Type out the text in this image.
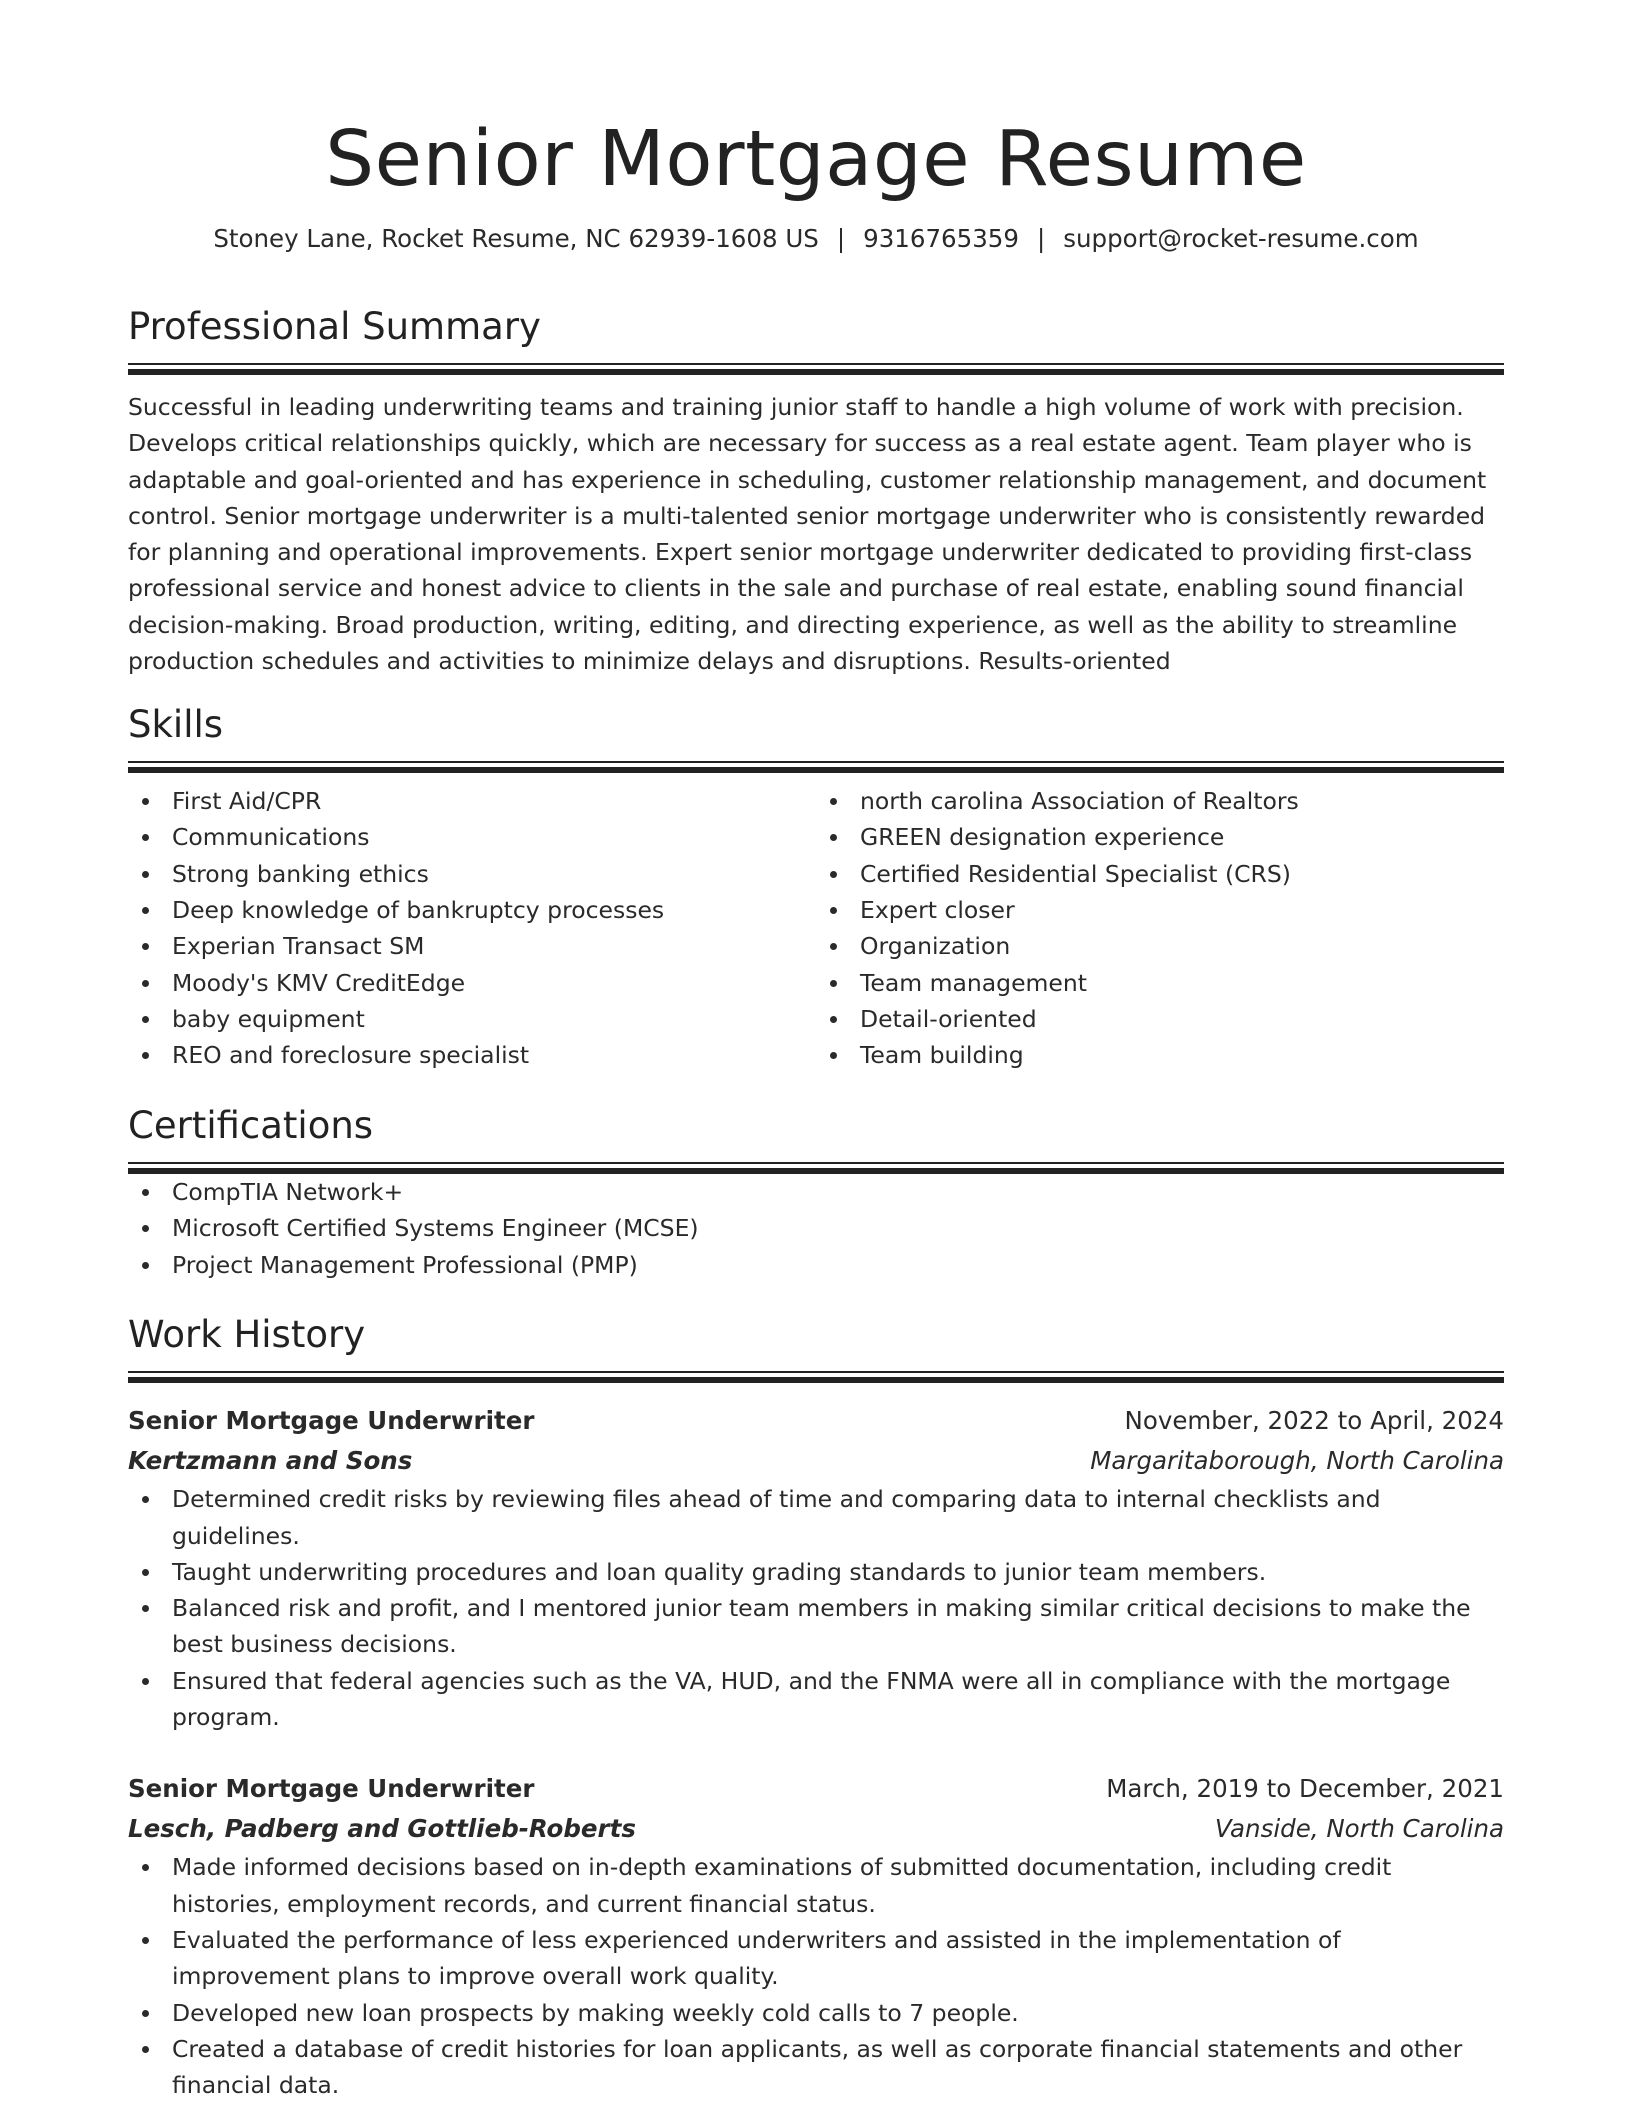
Senior Mortgage Resume
Stoney Lane, Rocket Resume, NC 62939-1608 US | 9316765359 | support@rocket-resume.com
Professional Summary

Successful in leading underwriting teams and training junior staff to handle a high volume of work with precision. Develops critical relationships quickly, which are necessary for success as a real estate agent. Team player who is adaptable and goal-oriented and has experience in scheduling, customer relationship management, and document control. Senior mortgage underwriter is a multi-talented senior mortgage underwriter who is consistently rewarded for planning and operational improvements. Expert senior mortgage underwriter dedicated to providing first-class professional service and honest advice to clients in the sale and purchase of real estate, enabling sound financial decision-making. Broad production, writing, editing, and directing experience, as well as the ability to streamline production schedules and activities to minimize delays and disruptions. Results-oriented

Skills
First Aid/CPR
Communications
Strong banking ethics
Deep knowledge of bankruptcy processes
Experian Transact SM
Moody's KMV CreditEdge
baby equipment
REO and foreclosure specialist
north carolina Association of Realtors
GREEN designation experience
Certified Residential Specialist (CRS)
Expert closer
Organization
Team management
Detail-oriented
Team building
Certifications
CompTIA Network+
Microsoft Certified Systems Engineer (MCSE)
Project Management Professional (PMP)
Work History
Senior Mortgage Underwriter	November, 2022 to April, 2024
Kertzmann and Sons	Margaritaborough, North Carolina
Determined credit risks by reviewing files ahead of time and comparing data to internal checklists and guidelines.
Taught underwriting procedures and loan quality grading standards to junior team members.
Balanced risk and profit, and I mentored junior team members in making similar critical decisions to make the best business decisions.
Ensured that federal agencies such as the VA, HUD, and the FNMA were all in compliance with the mortgage program.
Senior Mortgage Underwriter	March, 2019 to December, 2021
Lesch, Padberg and Gottlieb-Roberts	Vanside, North Carolina
Made informed decisions based on in-depth examinations of submitted documentation, including credit histories, employment records, and current financial status.
Evaluated the performance of less experienced underwriters and assisted in the implementation of improvement plans to improve overall work quality.
Developed new loan prospects by making weekly cold calls to 7 people.
Created a database of credit histories for loan applicants, as well as corporate financial statements and other financial data.
